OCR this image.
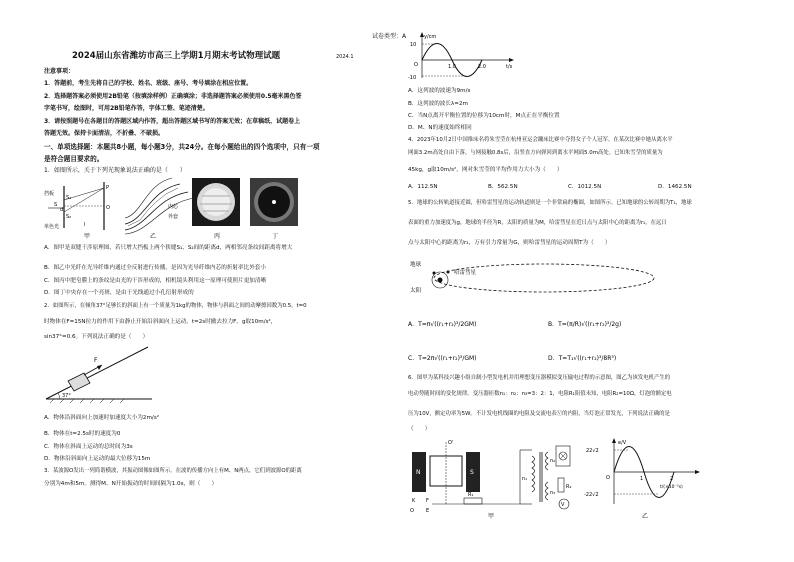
试卷类型：A
2024届山东省潍坊市高三上学期1月期末考试物理试题	2024.1
注意事项：
1．答题前，考生先将自己的学校、姓名、班级、座号、考号填涂在相应位置。
2．选择题答案必须使用2B铅笔（按填涂样例）正确填涂；非选择题答案必须使用0.5毫米黑色签
字笔书写，绘图时，可用2B铅笔作答，字体工整、笔迹清楚。
3．请按照题号在各题目的答题区域内作答，超出答题区域书写的答案无效；在草稿纸、试题卷上
答题无效。保持卡面清洁，不折叠、不破损。
一、单项选择题：本题共8小题，每小题3分，共24分。在每小题给出的四个选项中，只有一项
是符合题目要求的。
1．如图所示，关于下列光现象说法正确的是（　　）
挡板
单色光
S
S₁
S₂
d
P
O
l
甲
内芯
外套
乙	丙	丁
A．图甲是双缝干涉原理图，若只增大挡板上两个狭缝S₁、S₂间的距离d，两相邻亮条纹间距离将增大
B．图乙中光纤在光导纤维内通过全反射进行传播，是因为光导纤维内芯的折射率比外套小
C．图丙中肥皂膜上的条纹是由光的干涉形成的，相机镜头利用这一原理可使照片更加清晰
D．图丁中央存在一个亮斑，是由于光线通过小孔衍射形成的
2．如图所示，在倾角37°足够长的斜面上有一个质量为1kg的物体，物体与斜面之间的动摩擦因数为0.5，t=0
时物体在F=15N拉力的作用下由静止开始沿斜面向上运动，t=2s时撤去拉力F。g取10m/s²，
sin37°=0.6。下列说法正确的是（　　）
F
37°
A．物体沿斜面向上加速时加速度大小为2m/s²
B．物体在t=2.5s时的速度为0
C．物体在斜面上运动的总时间为3s
D．物体沿斜面向上运动的最大位移为15m
3．某波源O发出一列简谐横波，其振动图像如图所示。在波的传播方向上有M、N两点，它们到波源O的距离
分别为4m和5m。测得M、N开始振动的时间间隔为1.0s，则（　　）
y/cm
t/s
10
O	1.0	2.0
-10
A．这列波的波速为9m/s
B．这列波的波长λ=2m
C．当N点离开平衡位置的位移为10cm时，M点正在平衡位置
D．M、N的速度始终相同
4．2023年10月2日中国推床名将朱雪莹在杭州亚运会蹦床比赛中夺得女子个人冠军。在某次比赛中她从离水平
网面3.2m高处自由下落，与网接触0.8s后，沿竖直方向弹回到离水平网面5.0m高处。已知朱雪莹的质量为
45kg，g取10m/s²，网对朱雪莹的平均作用力大小为（　　）
A．112.5N	B．562.5N	C．1012.5N	D．1462.5N
5．地球的公转轨道接近圆，但哈雷彗星的运动轨道则是一个非常扁的椭圆，如图所示。已知地球的公转周期为T₁，地球
表面的重力加速度为g，地球的半径为R，太阳的质量为M，哈雷彗星在近日点与太阳中心的距离为r₁，在远日
点与太阳中心的距离为r₂，万有引力常量为G，则哈雷彗星的运动周期T为（　　）
地球
哈雷彗星
太阳
A．T=π√((r₁+r₂)³/2GM)	B．T=(π/R)√((r₁+r₂)³/2g)
C．T=2π√((r₁+r₂)³/GM)	D．T=T₁√((r₁+r₂)³/8R³)
6．图甲为某科技兴趣小组自制小型发电机并用理想变压器模拟变压输电过程的示意图，图乙为该发电机产生的
电动势随时间的变化规律。变压器匝数n₁：n₂：n₃=3：2：1，电阻R₁阻值未知，电阻R₂=10Ω，灯泡的额定电
压为10V，额定功率为5W。不计发电机线圈的电阻及交流电表Ⓥ的内阻，当灯泡正常发光，下列说法正确的是
（　　）
O'
N	S
K F
O E
R₁
n₁
n₂
n₃
R₂
V
甲
e/V
22√2
-22√2
O	1	2
t/(×10⁻²s)
乙
